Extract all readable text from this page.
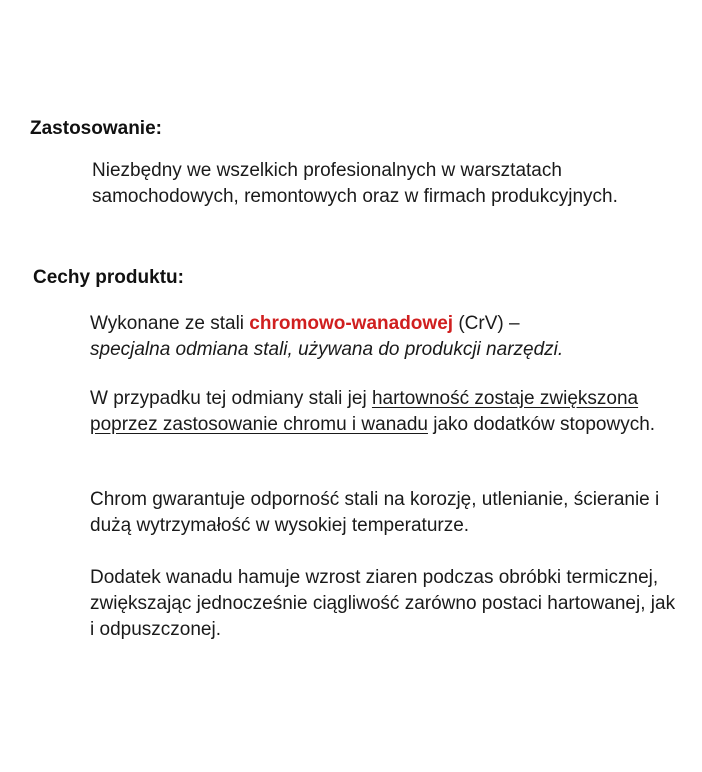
Zastosowanie:

Niezbędny we wszelkich profesionalnych w warsztatach samochodowych, remontowych oraz w firmach produkcyjnych.

Cechy produktu:

Wykonane ze stali chromowo-wanadowej (CrV) –
specjalna odmiana stali, używana do produkcji narzędzi.

W przypadku tej odmiany stali jej hartowność zostaje zwiększona poprzez zastosowanie chromu i wanadu jako dodatków stopowych.

Chrom gwarantuje odporność stali na korozję, utlenianie, ścieranie i dużą wytrzymałość w wysokiej temperaturze.

Dodatek wanadu hamuje wzrost ziaren podczas obróbki termicznej, zwiększając jednocześnie ciągliwość zarówno postaci hartowanej, jak i odpuszczonej.
